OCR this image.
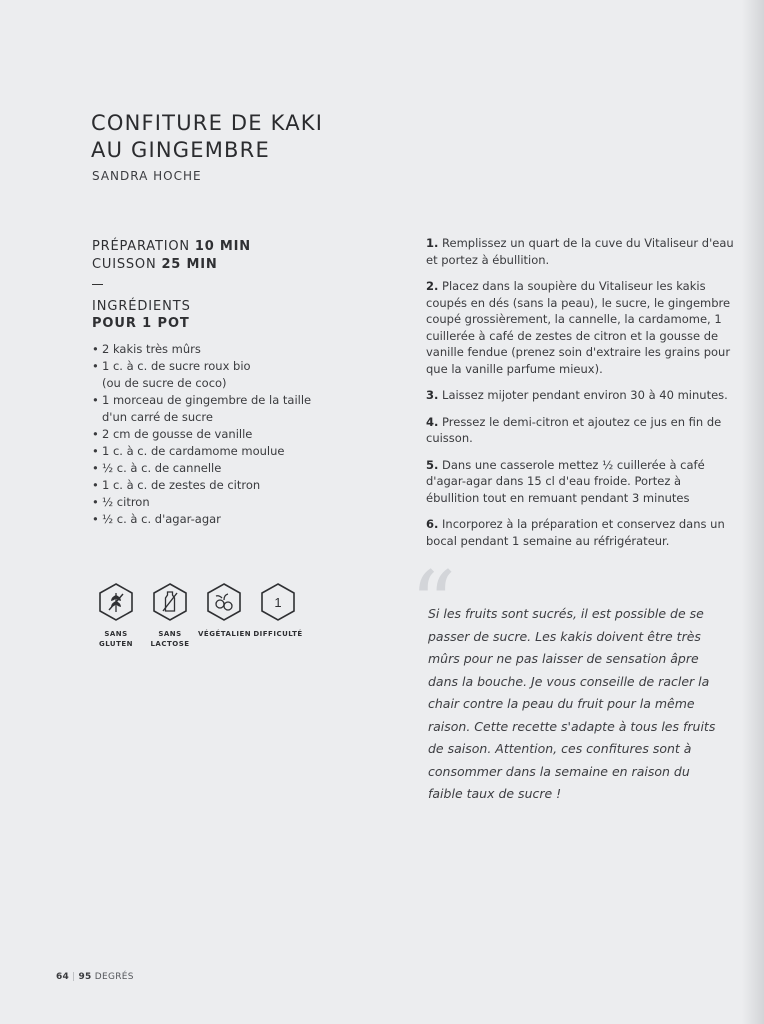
CONFITURE DE KAKI
AU GINGEMBRE
SANDRA HOCHE
PRÉPARATION 10 MIN
CUISSON 25 MIN
INGRÉDIENTS
POUR 1 POT
• 2 kakis très mûrs
• 1 c. à c. de sucre roux bio
(ou de sucre de coco)
• 1 morceau de gingembre de la taille
d'un carré de sucre
• 2 cm de gousse de vanille
• 1 c. à c. de cardamome moulue
• ½ c. à c. de cannelle
• 1 c. à c. de zestes de citron
• ½ citron
• ½ c. à c. d'agar-agar
SANS
GLUTEN
SANS
LACTOSE
VÉGÉTALIEN
1
DIFFICULTÉ
1. Remplissez un quart de la cuve du Vitaliseur d'eau et portez à ébullition.
2. Placez dans la soupière du Vitaliseur les kakis coupés en dés (sans la peau), le sucre, le gingembre coupé grossièrement, la cannelle, la cardamome, 1 cuillerée à café de zestes de citron et la gousse de vanille fendue (prenez soin d'extraire les grains pour que la vanille parfume mieux).
3. Laissez mijoter pendant environ 30 à 40 minutes.
4. Pressez le demi-citron et ajoutez ce jus en fin de cuisson.
5. Dans une casserole mettez ½ cuillerée à café d'agar-agar dans 15 cl d'eau froide. Portez à ébullition tout en remuant pendant 3 minutes
6. Incorporez à la préparation et conservez dans un bocal pendant 1 semaine au réfrigérateur.
“
Si les fruits sont sucrés, il est possible de se passer de sucre. Les kakis doivent être très mûrs pour ne pas laisser de sensation âpre dans la bouche. Je vous conseille de racler la chair contre la peau du fruit pour la même raison. Cette recette s'adapte à tous les fruits de saison. Attention, ces confitures sont à consommer dans la semaine en raison du faible taux de sucre !
64 | 95 DEGRÉS
